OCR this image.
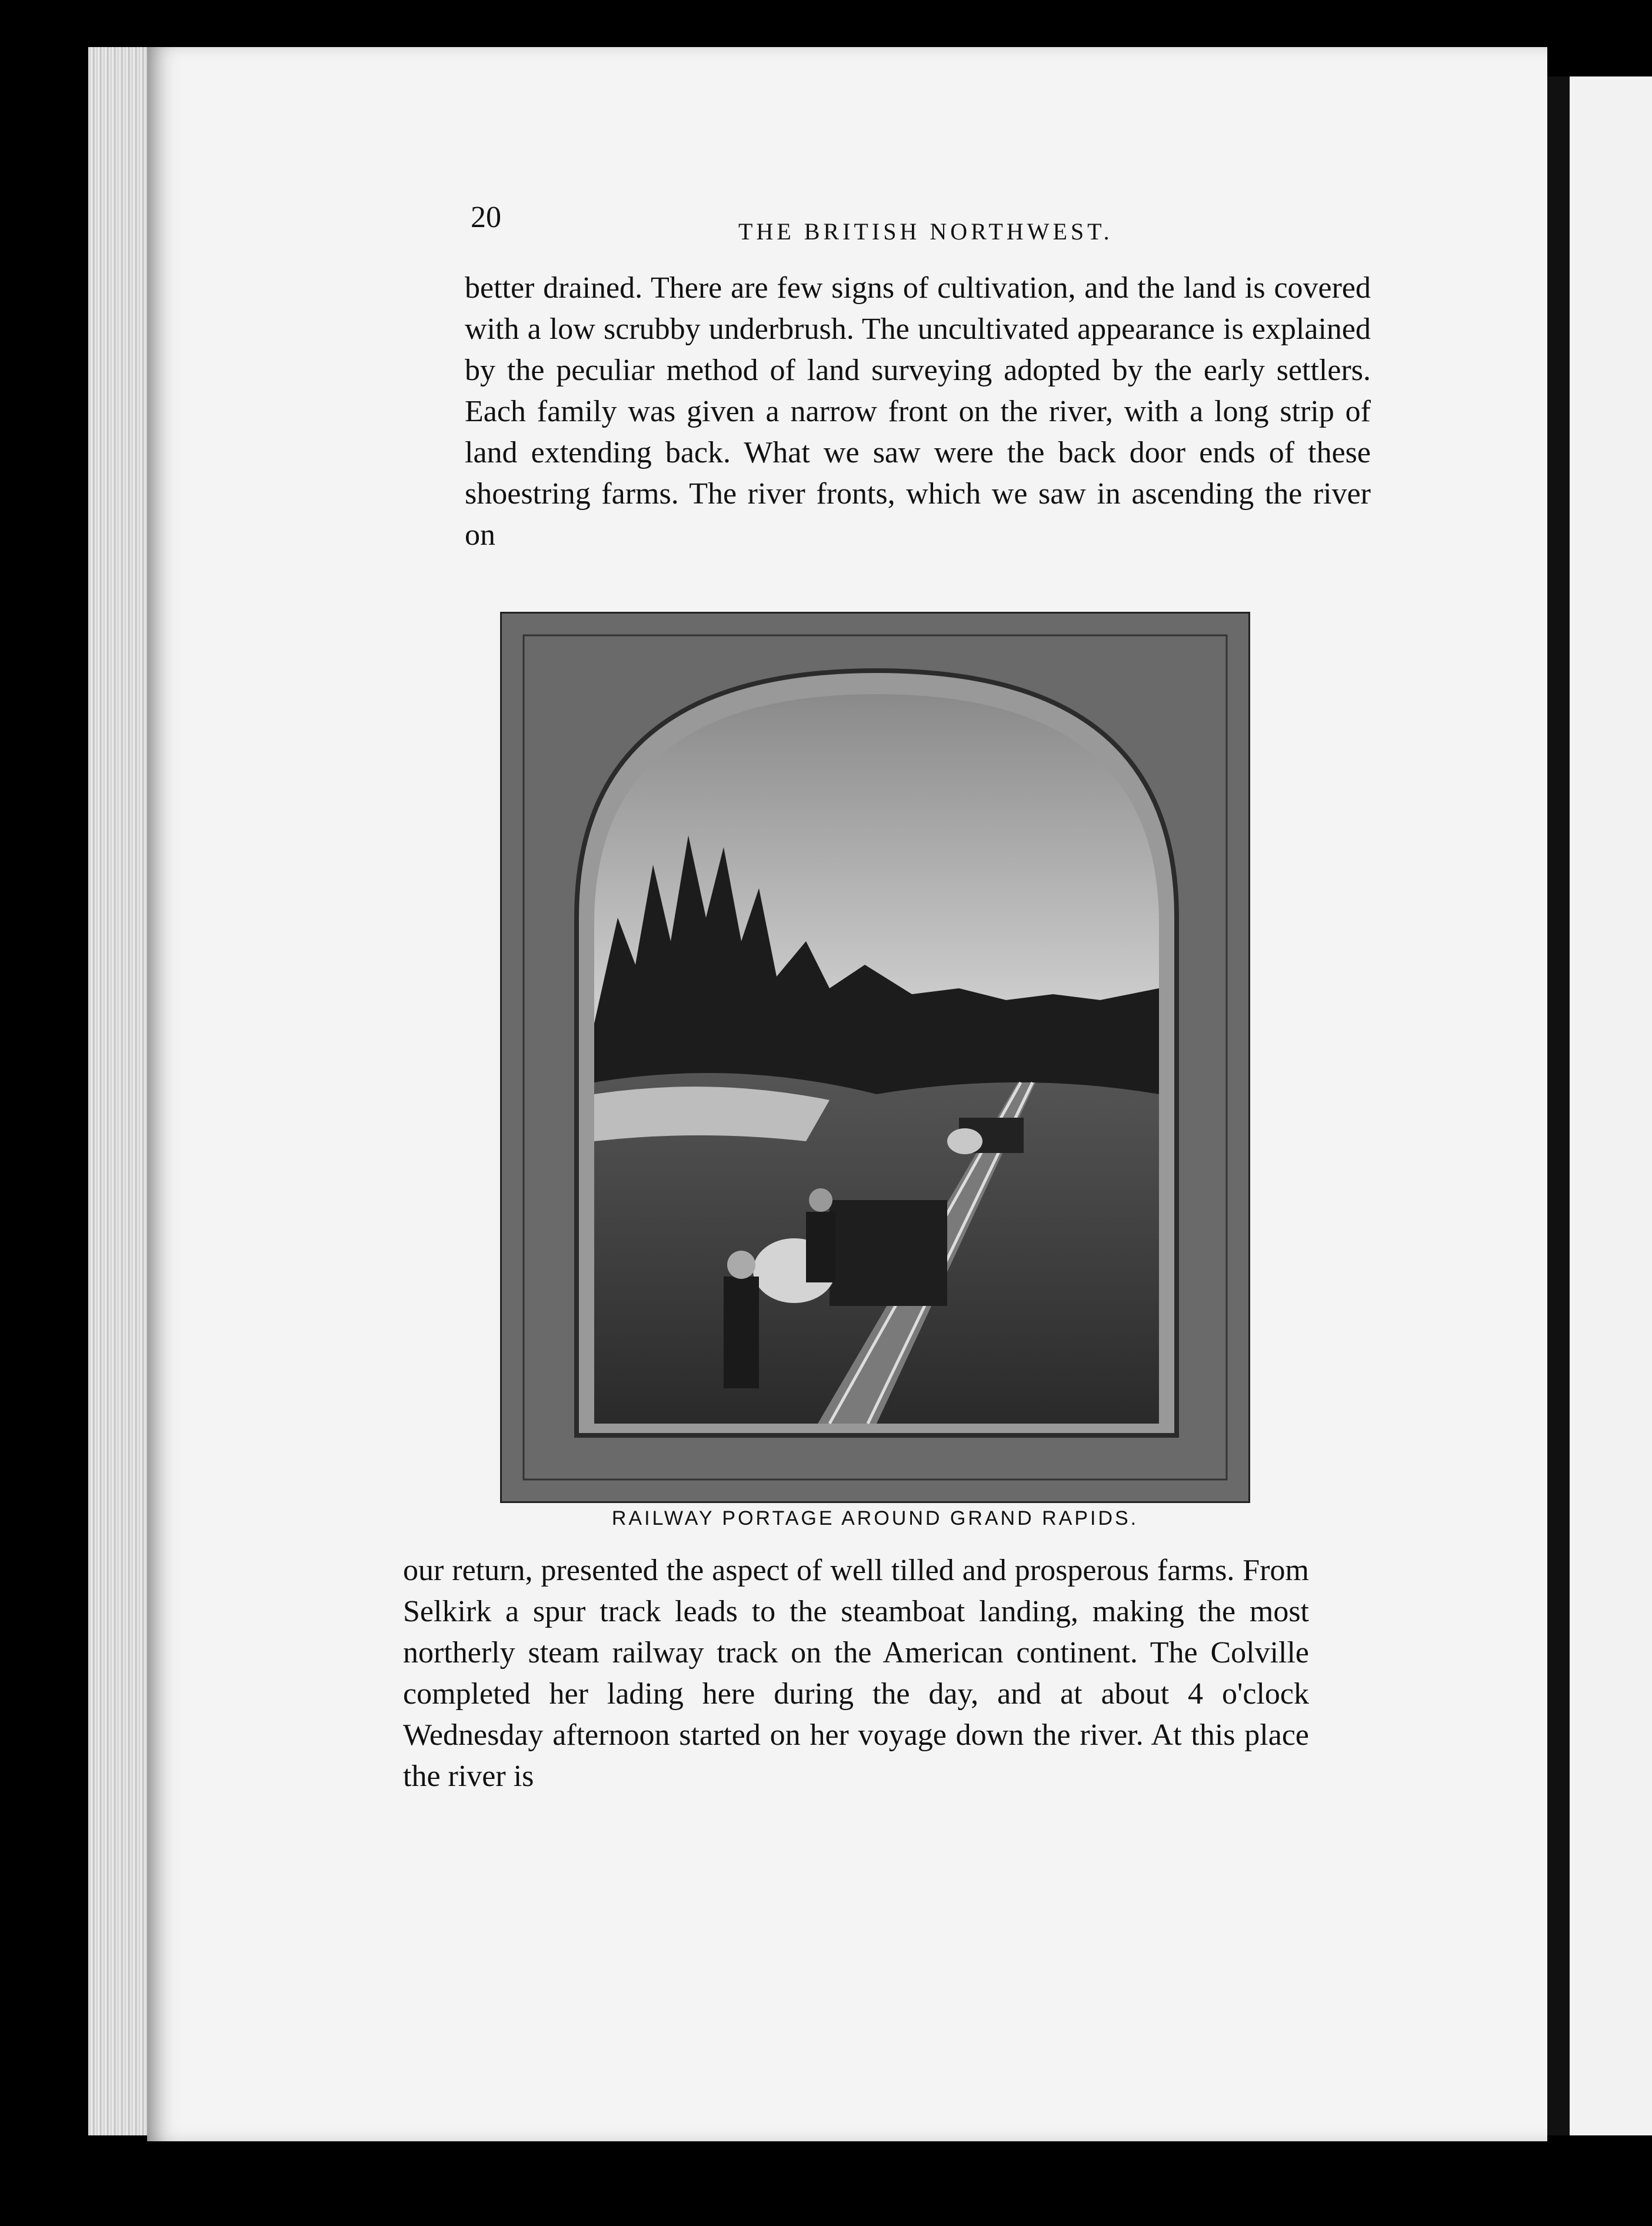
20	THE BRITISH NORTHWEST.

better drained. There are few signs of cultivation, and the land is covered with a low scrubby underbrush. The uncultivated appearance is explained by the peculiar method of land surveying adopted by the early settlers. Each family was given a narrow front on the river, with a long strip of land extending back. What we saw were the back door ends of these shoestring farms. The river fronts, which we saw in ascending the river on

RAILWAY PORTAGE AROUND GRAND RAPIDS.

our return, presented the aspect of well tilled and prosperous farms. From Selkirk a spur track leads to the steamboat landing, making the most northerly steam railway track on the American continent. The Colville completed her lading here during the day, and at about 4 o'clock Wednesday afternoon started on her voyage down the river. At this place the river is
